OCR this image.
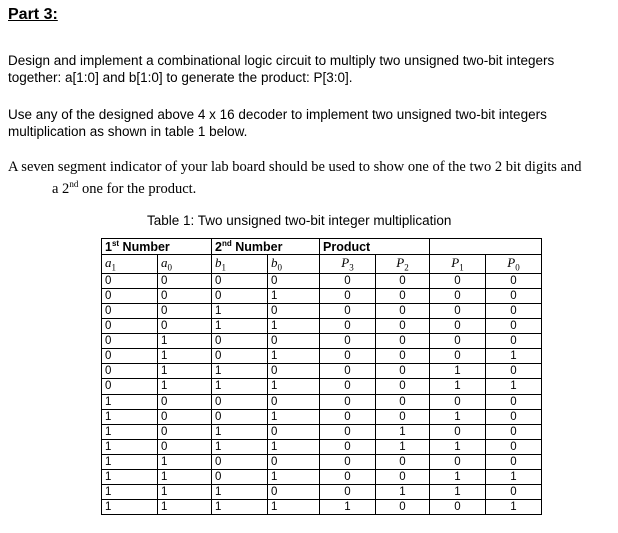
Part 3:
Design and implement a combinational logic circuit to multiply two unsigned two-bit integers
together: a[1:0] and b[1:0] to generate the product: P[3:0].
Use any of the designed above 4 x 16 decoder to implement two unsigned two-bit integers
multiplication as shown in table 1 below.
A seven segment indicator of your lab board should be used to show one of the two 2 bit digits and
a 2nd one for the product.
Table 1: Two unsigned two-bit integer multiplication
1st Number		2nd Number		Product			
$a_1$	$a_0$	$b_1$	$b_0$	$P_3$	$P_2$	$P_1$	$P_0$
0	0	0	0	0	0	0	0
0	0	0	1	0	0	0	0
0	0	1	0	0	0	0	0
0	0	1	1	0	0	0	0
0	1	0	0	0	0	0	0
0	1	0	1	0	0	0	1
0	1	1	0	0	0	1	0
0	1	1	1	0	0	1	1
1	0	0	0	0	0	0	0
1	0	0	1	0	0	1	0
1	0	1	0	0	1	0	0
1	0	1	1	0	1	1	0
1	1	0	0	0	0	0	0
1	1	0	1	0	0	1	1
1	1	1	0	0	1	1	0
1	1	1	1	1	0	0	1
